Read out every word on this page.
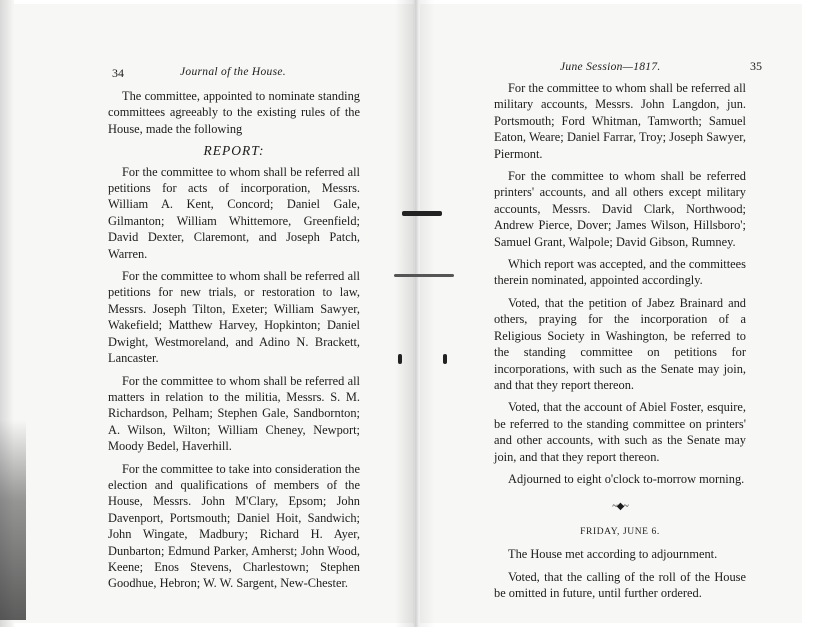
34	Journal of the House.

The committee, appointed to nominate standing committees agreeably to the existing rules of the House, made the following

REPORT:

For the committee to whom shall be referred all petitions for acts of incorporation, Messrs. William A. Kent, Concord; Daniel Gale, Gilmanton; William Whittemore, Greenfield; David Dexter, Claremont, and Joseph Patch, Warren.

For the committee to whom shall be referred all petitions for new trials, or restoration to law, Messrs. Joseph Tilton, Exeter; William Sawyer, Wakefield; Matthew Harvey, Hopkinton; Daniel Dwight, Westmoreland, and Adino N. Brackett, Lancaster.

For the committee to whom shall be referred all matters in relation to the militia, Messrs. S. M. Richardson, Pelham; Stephen Gale, Sandbornton; A. Wilson, Wilton; William Cheney, Newport; Moody Bedel, Haverhill.

For the committee to take into consideration the election and qualifications of members of the House, Messrs. John M'Clary, Epsom; John Davenport, Portsmouth; Daniel Hoit, Sandwich; John Wingate, Madbury; Richard H. Ayer, Dunbarton; Edmund Parker, Amherst; John Wood, Keene; Enos Stevens, Charlestown; Stephen Goodhue, Hebron; W. W. Sargent, New-Chester.

June Session—1817.	35

For the committee to whom shall be referred all military accounts, Messrs. John Langdon, jun. Portsmouth; Ford Whitman, Tamworth; Samuel Eaton, Weare; Daniel Farrar, Troy; Joseph Sawyer, Piermont.

For the committee to whom shall be referred printers' accounts, and all others except military accounts, Messrs. David Clark, Northwood; Andrew Pierce, Dover; James Wilson, Hillsboro'; Samuel Grant, Walpole; David Gibson, Rumney.

Which report was accepted, and the committees therein nominated, appointed accordingly.

Voted, that the petition of Jabez Brainard and others, praying for the incorporation of a Religious Society in Washington, be referred to the standing committee on petitions for incorporations, with such as the Senate may join, and that they report thereon.

Voted, that the account of Abiel Foster, esquire, be referred to the standing committee on printers' and other accounts, with such as the Senate may join, and that they report thereon.

Adjourned to eight o'clock to-morrow morning.

~◆~

FRIDAY, JUNE 6.

The House met according to adjournment.

Voted, that the calling of the roll of the House be omitted in future, until further ordered.
